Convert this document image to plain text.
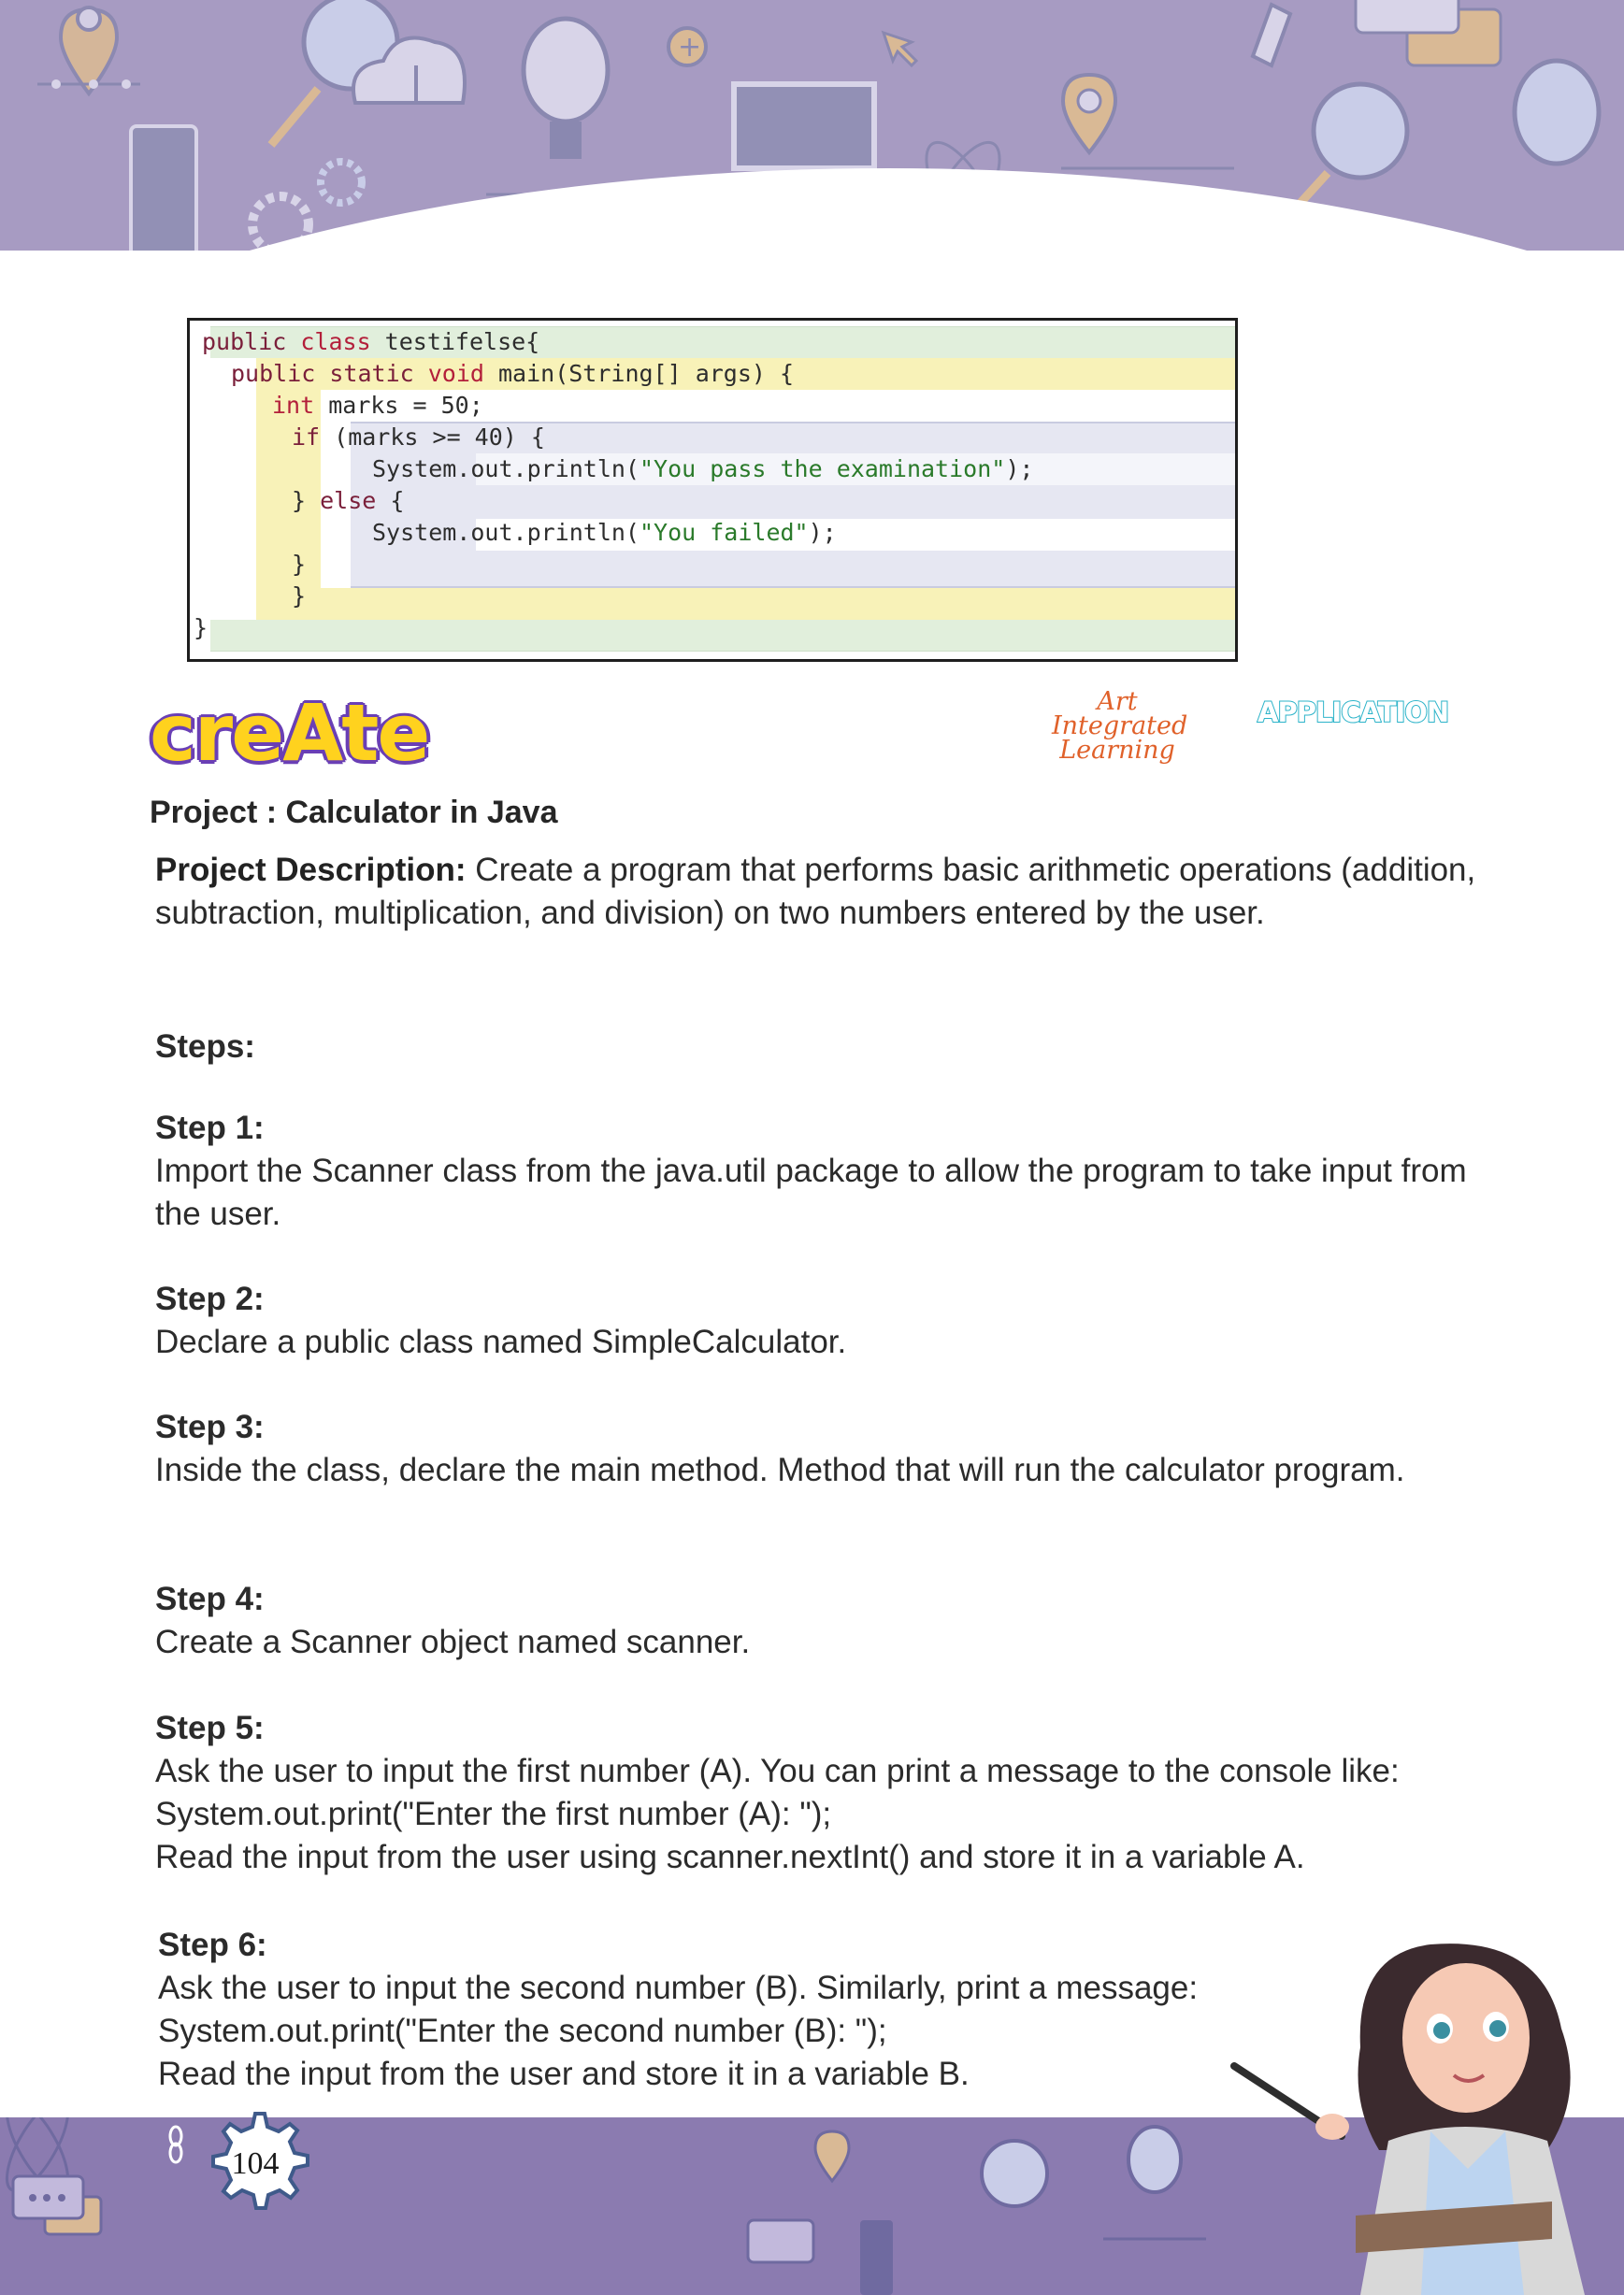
+
public class testifelse{
public static void main(String[] args) {
int marks = 50;
if (marks >= 40) {
System.out.println("You pass the examination");
} else {
System.out.println("You failed");
}
}
}
creAte	Art
Integrated
Learning
APPLICATION
Project : Calculator in Java
Project Description: Create a program that performs basic arithmetic operations (addition, subtraction, multiplication, and division) on two numbers entered by the user.
Steps:
Step 1:
Import the Scanner class from the java.util package to allow the program to take input from the user.
Step 2:
Declare a public class named SimpleCalculator.
Step 3:
Inside the class, declare the main method. Method that will run the calculator program.
Step 4:
Create a Scanner object named scanner.
Step 5:
Ask the user to input the first number (A). You can print a message to the console like: System.out.print("Enter the first number (A): ");
Read the input from the user using scanner.nextInt() and store it in a variable A.
Step 6:
Ask the user to input the second number (B). Similarly, print a message:
System.out.print("Enter the second number (B): ");
Read the input from the user and store it in a variable B.
104
